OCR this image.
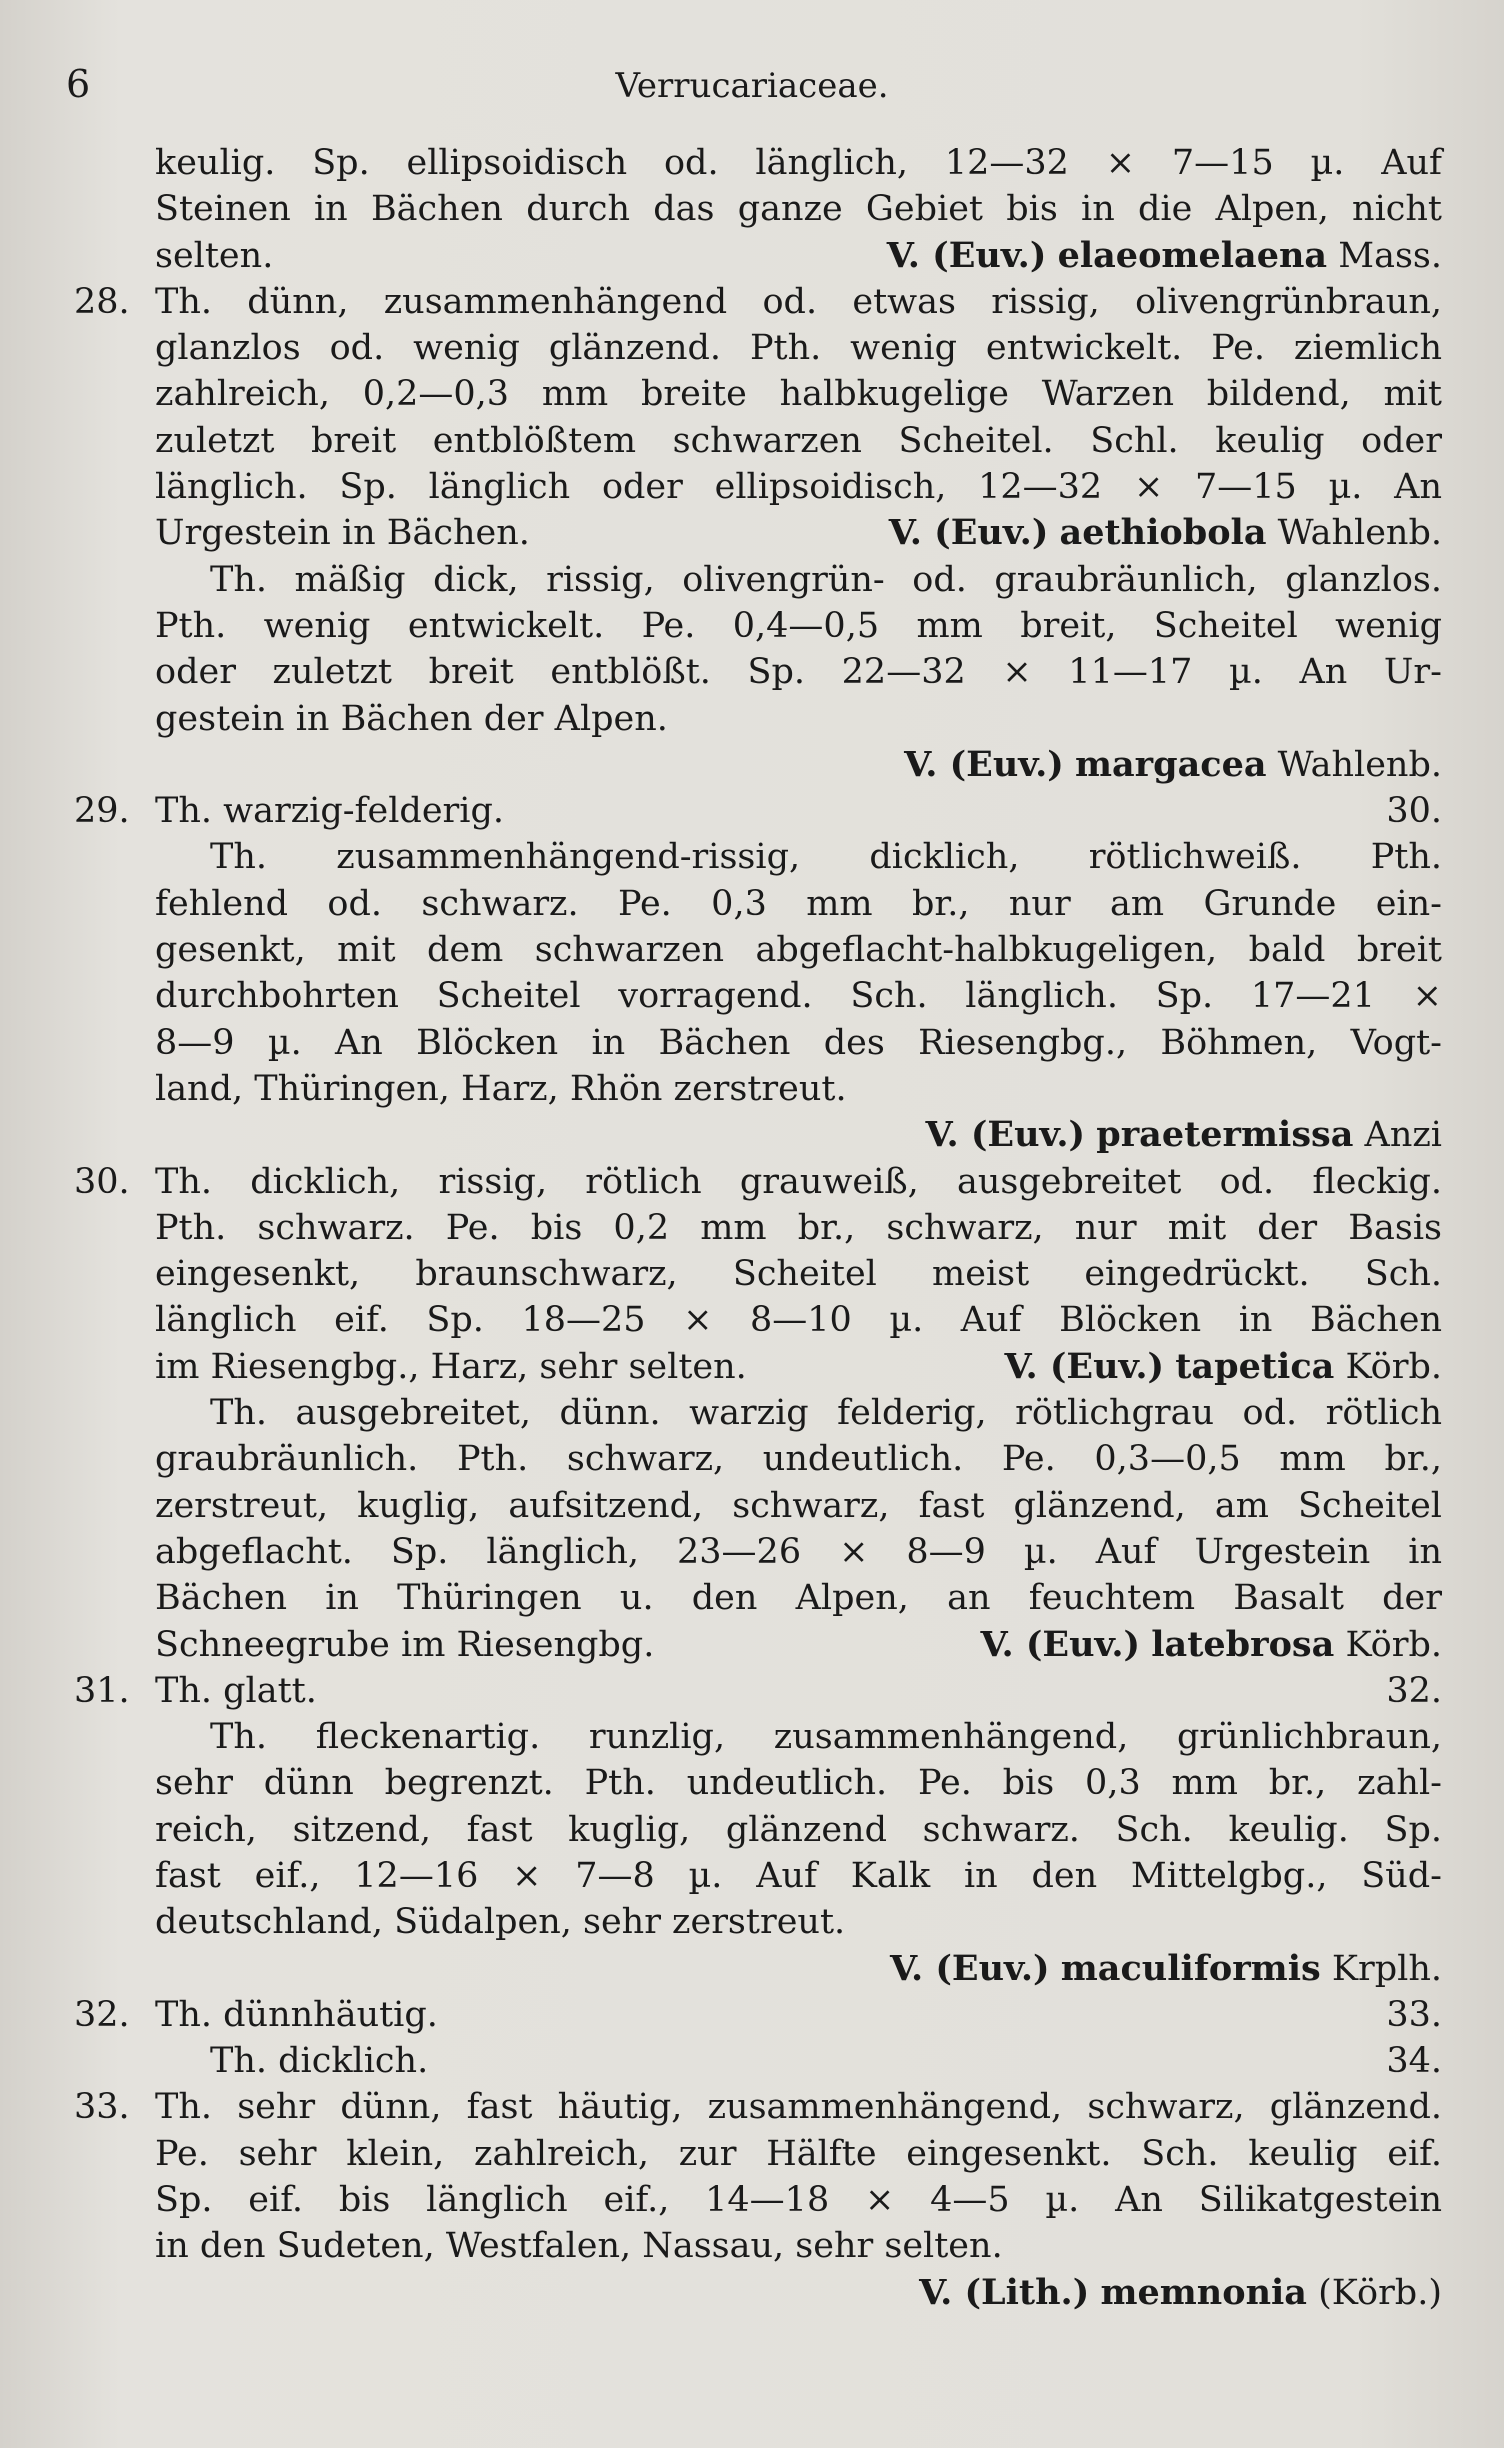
6	Verrucariaceae.
keulig. Sp. ellipsoidisch od. länglich, 12—32 × 7—15 µ. Auf
Steinen in Bächen durch das ganze Gebiet bis in die Alpen, nicht
selten.	V. (Euv.) elaeomelaena Mass.
28. Th. dünn, zusammenhängend od. etwas rissig, olivengrünbraun,
glanzlos od. wenig glänzend. Pth. wenig entwickelt. Pe. ziemlich
zahlreich, 0,2—0,3 mm breite halbkugelige Warzen bildend, mit
zuletzt breit entblößtem schwarzen Scheitel. Schl. keulig oder
länglich. Sp. länglich oder ellipsoidisch, 12—32 × 7—15 µ. An
Urgestein in Bächen.	V. (Euv.) aethiobola Wahlenb.
Th. mäßig dick, rissig, olivengrün- od. graubräunlich, glanzlos.
Pth. wenig entwickelt. Pe. 0,4—0,5 mm breit, Scheitel wenig
oder zuletzt breit entblößt. Sp. 22—32 × 11—17 µ. An Ur-
gestein in Bächen der Alpen.
V. (Euv.) margacea Wahlenb.
29. Th. warzig-felderig.	30.
Th. zusammenhängend-rissig, dicklich, rötlichweiß. Pth.
fehlend od. schwarz. Pe. 0,3 mm br., nur am Grunde ein-
gesenkt, mit dem schwarzen abgeflacht-halbkugeligen, bald breit
durchbohrten Scheitel vorragend. Sch. länglich. Sp. 17—21 ×
8—9 µ. An Blöcken in Bächen des Riesengbg., Böhmen, Vogt-
land, Thüringen, Harz, Rhön zerstreut.
V. (Euv.) praetermissa Anzi
30. Th. dicklich, rissig, rötlich grauweiß, ausgebreitet od. fleckig.
Pth. schwarz. Pe. bis 0,2 mm br., schwarz, nur mit der Basis
eingesenkt, braunschwarz, Scheitel meist eingedrückt. Sch.
länglich eif. Sp. 18—25 × 8—10 µ. Auf Blöcken in Bächen
im Riesengbg., Harz, sehr selten.	V. (Euv.) tapetica Körb.
Th. ausgebreitet, dünn. warzig felderig, rötlichgrau od. rötlich
graubräunlich. Pth. schwarz, undeutlich. Pe. 0,3—0,5 mm br.,
zerstreut, kuglig, aufsitzend, schwarz, fast glänzend, am Scheitel
abgeflacht. Sp. länglich, 23—26 × 8—9 µ. Auf Urgestein in
Bächen in Thüringen u. den Alpen, an feuchtem Basalt der
Schneegrube im Riesengbg.	V. (Euv.) latebrosa Körb.
31. Th. glatt.	32.
Th. fleckenartig. runzlig, zusammenhängend, grünlichbraun,
sehr dünn begrenzt. Pth. undeutlich. Pe. bis 0,3 mm br., zahl-
reich, sitzend, fast kuglig, glänzend schwarz. Sch. keulig. Sp.
fast eif., 12—16 × 7—8 µ. Auf Kalk in den Mittelgbg., Süd-
deutschland, Südalpen, sehr zerstreut.
V. (Euv.) maculiformis Krplh.
32. Th. dünnhäutig.	33.
Th. dicklich.	34.
33. Th. sehr dünn, fast häutig, zusammenhängend, schwarz, glänzend.
Pe. sehr klein, zahlreich, zur Hälfte eingesenkt. Sch. keulig eif.
Sp. eif. bis länglich eif., 14—18 × 4—5 µ. An Silikatgestein
in den Sudeten, Westfalen, Nassau, sehr selten.
V. (Lith.) memnonia (Körb.)
